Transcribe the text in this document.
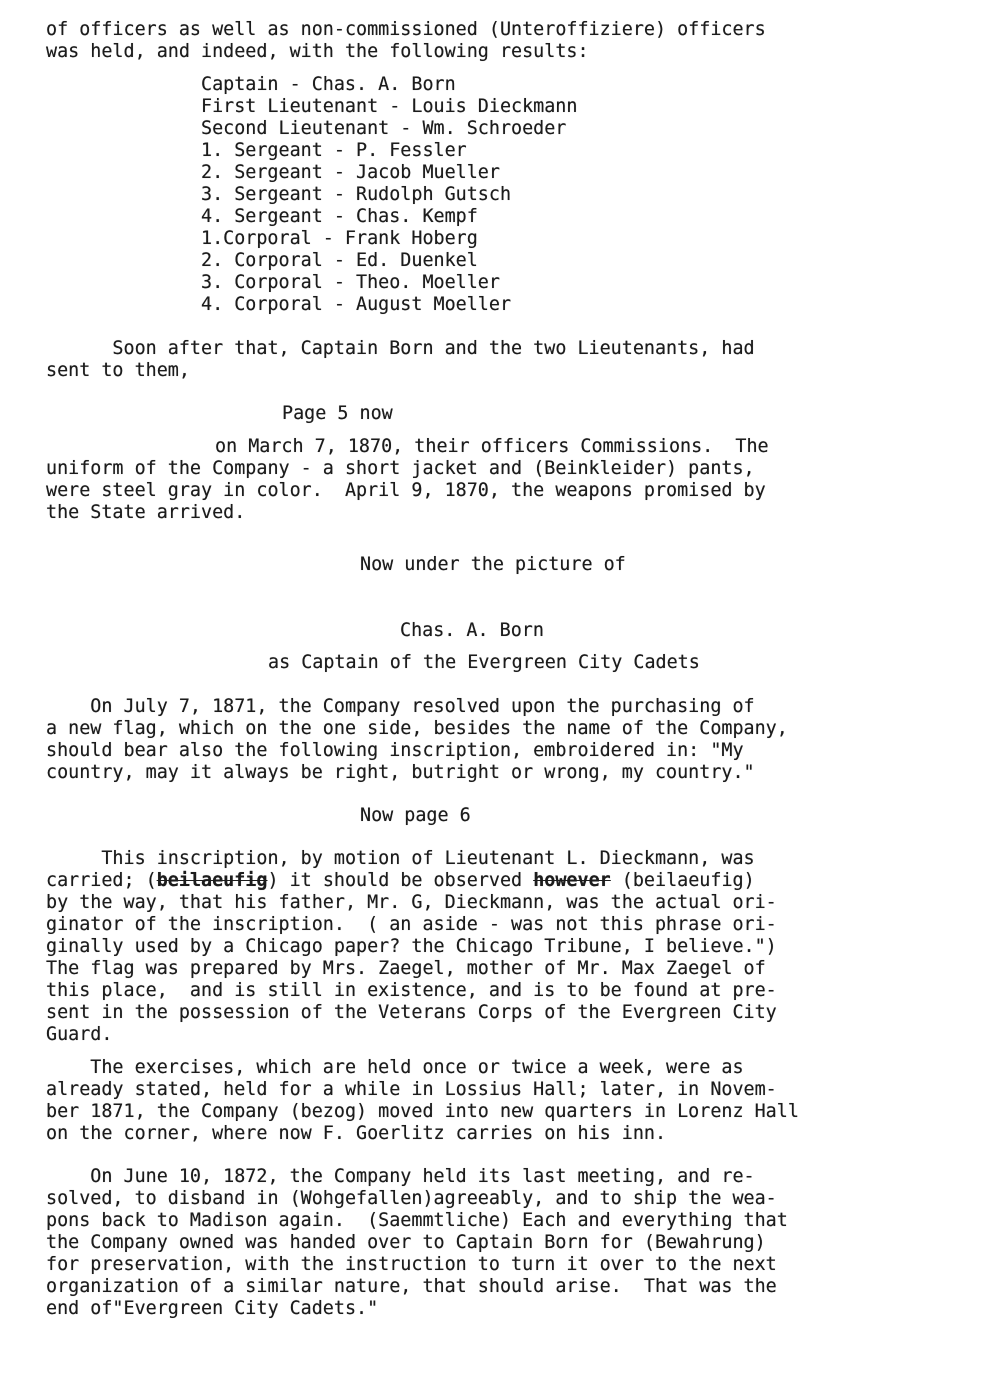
of officers as well as non-commissioned (Unteroffiziere) officers
was held, and indeed, with the following results:
Captain - Chas. A. Born
First Lieutenant - Louis Dieckmann
Second Lieutenant - Wm. Schroeder
1. Sergeant - P. Fessler
2. Sergeant - Jacob Mueller
3. Sergeant - Rudolph Gutsch
4. Sergeant - Chas. Kempf
1.Corporal - Frank Hoberg
2. Corporal - Ed. Duenkel
3. Corporal - Theo. Moeller
4. Corporal - August Moeller
Soon after that, Captain Born and the two Lieutenants, had
sent to them,
Page 5 now
on March 7, 1870, their officers Commissions.  The
uniform of the Company - a short jacket and (Beinkleider) pants,
were steel gray in color.  April 9, 1870, the weapons promised by
the State arrived.
Now under the picture of
Chas. A. Born
as Captain of the Evergreen City Cadets
On July 7, 1871, the Company resolved upon the purchasing of
a new flag, which on the one side, besides the name of the Company,
should bear also the following inscription, embroidered in: "My
country, may it always be right, butright or wrong, my country."
Now page 6
This inscription, by motion of Lieutenant L. Dieckmann, was
carried; (beilaeufig) it should be observed however (beilaeufig)
by the way, that his father, Mr. G, Dieckmann, was the actual ori-
ginator of the inscription.  ( an aside - was not this phrase ori-
ginally used by a Chicago paper? the Chicago Tribune, I believe.")
The flag was prepared by Mrs. Zaegel, mother of Mr. Max Zaegel of
this place,  and is still in existence, and is to be found at pre-
sent in the possession of the Veterans Corps of the Evergreen City
Guard.
The exercises, which are held once or twice a week, were as
already stated, held for a while in Lossius Hall; later, in Novem-
ber 1871, the Company (bezog) moved into new quarters in Lorenz Hall
on the corner, where now F. Goerlitz carries on his inn.
On June 10, 1872, the Company held its last meeting, and re-
solved, to disband in (Wohgefallen)agreeably, and to ship the wea-
pons back to Madison again.  (Saemmtliche) Each and everything that
the Company owned was handed over to Captain Born for (Bewahrung)
for preservation, with the instruction to turn it over to the next
organization of a similar nature, that should arise.  That was the
end of"Evergreen City Cadets."
